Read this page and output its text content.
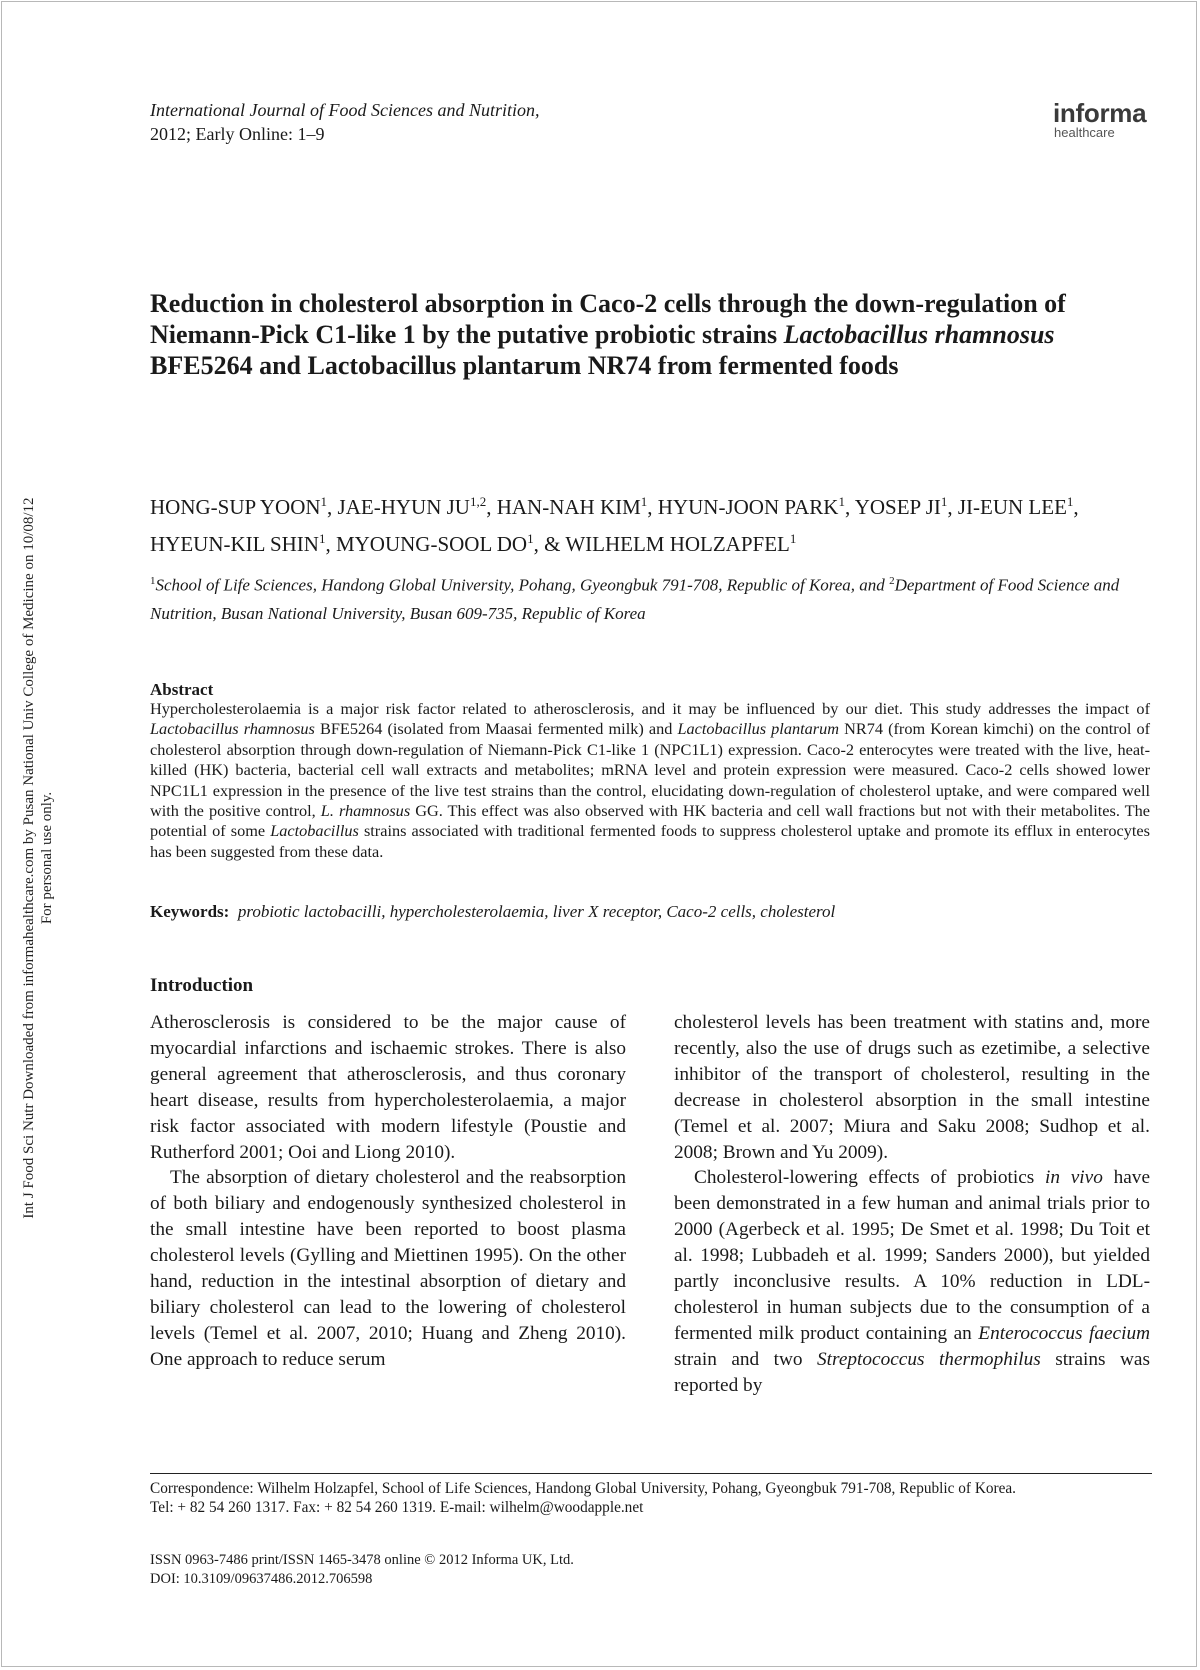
International Journal of Food Sciences and Nutrition,
2012; Early Online: 1–9
informa
healthcare
Int J Food Sci Nutr Downloaded from informahealthcare.com by Pusan National Univ College of Medicine on 10/08/12 For personal use only.
Reduction in cholesterol absorption in Caco-2 cells through the down-regulation of Niemann-Pick C1-like 1 by the putative probiotic strains Lactobacillus rhamnosus BFE5264 and Lactobacillus plantarum NR74 from fermented foods
HONG-SUP YOON$^1$, JAE-HYUN JU$^{1,2}$, HAN-NAH KIM$^1$, HYUN-JOON PARK$^1$, YOSEP $JI^1$, JI-EUN LEE$^1$, HYEUN-KIL SHIN$^1$, MYOUNG-SOOL $DO^1$, & WILHELM HOLZAPFEL$^1$
$^1$School of Life Sciences, Handong Global University, Pohang, Gyeongbuk 791-708, Republic of Korea, and $^2$Department of Food Science and Nutrition, Busan National University, Busan 609-735, Republic of Korea
Abstract
Hypercholesterolaemia is a major risk factor related to atherosclerosis, and it may be influenced by our diet. This study addresses the impact of Lactobacillus rhamnosus BFE5264 (isolated from Maasai fermented milk) and Lactobacillus plantarum NR74 (from Korean kimchi) on the control of cholesterol absorption through down-regulation of Niemann-Pick C1-like 1 (NPC1L1) expression. Caco-2 enterocytes were treated with the live, heat-killed (HK) bacteria, bacterial cell wall extracts and metabolites; mRNA level and protein expression were measured. Caco-2 cells showed lower NPC1L1 expression in the presence of the live test strains than the control, elucidating down-regulation of cholesterol uptake, and were compared well with the positive control, L. rhamnosus GG. This effect was also observed with HK bacteria and cell wall fractions but not with their metabolites. The potential of some Lactobacillus strains associated with traditional fermented foods to suppress cholesterol uptake and promote its efflux in enterocytes has been suggested from these data.
Keywords: probiotic lactobacilli, hypercholesterolaemia, liver X receptor, Caco-2 cells, cholesterol
Introduction

Atherosclerosis is considered to be the major cause of myocardial infarctions and ischaemic strokes. There is also general agreement that atherosclerosis, and thus coronary heart disease, results from hypercholesterolaemia, a major risk factor associated with modern lifestyle (Poustie and Rutherford 2001; Ooi and Liong 2010).

The absorption of dietary cholesterol and the reabsorption of both biliary and endogenously synthesized cholesterol in the small intestine have been reported to boost plasma cholesterol levels (Gylling and Miettinen 1995). On the other hand, reduction in the intestinal absorption of dietary and biliary cholesterol can lead to the lowering of cholesterol levels (Temel et al. 2007, 2010; Huang and Zheng 2010). One approach to reduce serum

cholesterol levels has been treatment with statins and, more recently, also the use of drugs such as ezetimibe, a selective inhibitor of the transport of cholesterol, resulting in the decrease in cholesterol absorption in the small intestine (Temel et al. 2007; Miura and Saku 2008; Sudhop et al. 2008; Brown and Yu 2009).

Cholesterol-lowering effects of probiotics in vivo have been demonstrated in a few human and animal trials prior to 2000 (Agerbeck et al. 1995; De Smet et al. 1998; Du Toit et al. 1998; Lubbadeh et al. 1999; Sanders 2000), but yielded partly inconclusive results. A 10% reduction in LDL-cholesterol in human subjects due to the consumption of a fermented milk product containing an Enterococcus faecium strain and two Streptococcus thermophilus strains was reported by

Correspondence: Wilhelm Holzapfel, School of Life Sciences, Handong Global University, Pohang, Gyeongbuk 791-708, Republic of Korea.
Tel: + 82 54 260 1317. Fax: + 82 54 260 1319. E-mail: wilhelm@woodapple.net
ISSN 0963-7486 print/ISSN 1465-3478 online © 2012 Informa UK, Ltd.
DOI: 10.3109/09637486.2012.706598
